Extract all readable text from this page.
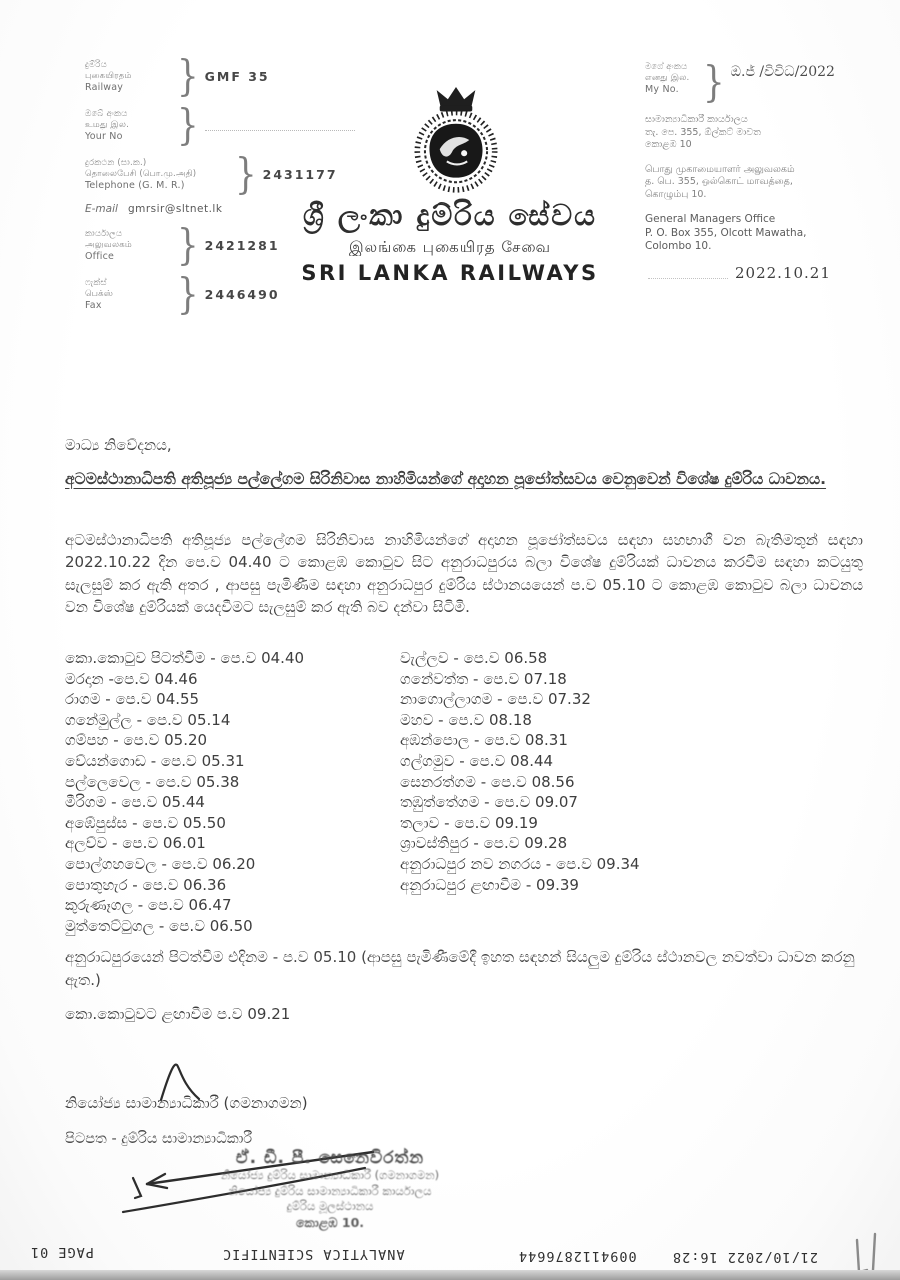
දුම්රිය
புகையிரதம்
Railway	} GMF 35
ඔබේ අංකය
உமது இல.
Your No	}
දුරකථන (සා.ක.)
தொலைபேசி (பொ.மு.அதி)
Telephone (G. M. R.)	} 2431177
E-mail gmrsir@sltnet.lk
කාර්යාලය
அலுவலகம்
Office	} 2421281
ෆැක්ස්
பெக்ஸ்
Fax	} 2446490
ශ්‍රී ලංකා දුම්රිය සේවය
இலங்கை புகையிரத சேவை
SRI LANKA RAILWAYS
මගේ අංකය
எனது இல.
My No. } ඔ.ජ් /විවිධ/2022
සාමාන්‍යාධිකාරී කාර්යාලය
තැ. පෙ. 355, ඕල්කට් මාවත
කොළඹ 10
பொது முகாமையாளர் அலுவலகம்
த. பெ. 355, ஒல்கொட் மாவத்தை,
கொழும்பு 10.
General Managers Office
P. O. Box 355, Olcott Mawatha,
Colombo 10.
2022.10.21
මාධ්‍ය නිවේදනය,
අටමස්ථානාධිපති අතිපූජ්‍ය පල්ලේගම සිරිනිවාස නාහිමියන්ගේ අදාහන පූජෝත්සවය වෙනුවෙන් විශේෂ දුම්රිය ධාවනය.
අටමස්ථානාධිපති අතිපූජ්‍ය පල්ලේගම සිරිනිවාස නාහිමියන්ගේ අදාහන පූජෝත්සවය සඳහා සහභාගී වන බැතිමතුන් සඳහා 2022.10.22 දින පෙ.ව 04.40 ට කොළඹ කොටුව සිට අනුරාධපුරය බලා විශේෂ දුම්රියක් ධාවනය කරවීම සඳහා කටයුතු සැලසුම් කර ඇති අතර , ආපසු පැමිණීම සඳහා අනුරාධපුර දුම්රිය ස්ථානයයෙන් ප.ව 05.10 ට කොළඹ කොටුව බලා ධාවනය වන විශේෂ දුම්රියක් යෙදවීමට සැලසුම් කර ඇති බව දන්වා සිටිමි.
කො.කොටුව පිටත්වීම - පෙ.ව 04.40
මරදාන -පෙ.ව 04.46
රාගම - පෙ.ව 04.55
ගනේමුල්ල - පෙ.ව 05.14
ගම්පහ - පෙ.ව 05.20
වේයන්ගොඩ - පෙ.ව 05.31
පල්ලෙවෙල - පෙ.ව 05.38
මීරිගම - පෙ.ව 05.44
අඹේපුස්ස - පෙ.ව 05.50
අලව්ව - පෙ.ව 06.01
පොල්ගහවෙල - පෙ.ව 06.20
පොතුහැර - පෙ.ව 06.36
කුරුණෑගල - පෙ.ව 06.47
මුත්තෙට්ටුගල - පෙ.ව 06.50
වැල්ලව - පෙ.ව 06.58
ගනේවත්ත - පෙ.ව 07.18
නාගොල්ලාගම - පෙ.ව 07.32
මහව - පෙ.ව 08.18
අඹන්පොල - පෙ.ව 08.31
ගල්ගමුව - පෙ.ව 08.44
සෙනරත්ගම - පෙ.ව 08.56
තඹුත්තේගම - පෙ.ව 09.07
තලාව - පෙ.ව 09.19
ශ්‍රාවස්තිපුර - පෙ.ව 09.28
අනුරාධපුර නව නගරය - පෙ.ව 09.34
අනුරාධපුර ළඟාවීම - 09.39
අනුරාධපුරයෙන් පිටත්වීම එදිනම - ප.ව 05.10 (ආපසු පැමිණීමේදී ඉහත සඳහන් සියලුම දුම්රිය ස්ථානවල නවත්වා ධාවන කරනු ඇත.)
කො.කොටුවට ළඟාවීම ප.ව 09.21
නියෝජ්‍ය සාමාන්‍යාධිකාරී (ගමනාගමන)
පිටපත - දුම්රිය සාමාන්‍යාධිකාරී
ඒ. ඩී. පී. සෙනෙවිරත්න
නියෝජ්‍ය දුම්රිය සාමාන්‍යාධිකාරී (ගමනාගමන)
නියෝජ්‍ය දුම්රිය සාමාන්‍යාධිකාරී කාර්යාලය
දුම්රිය මූලස්ථානය
කොළඹ 10.
PAGE 01	ANALYTICA SCIENTIFIC	0094112876644	21/10/2022 16:28
